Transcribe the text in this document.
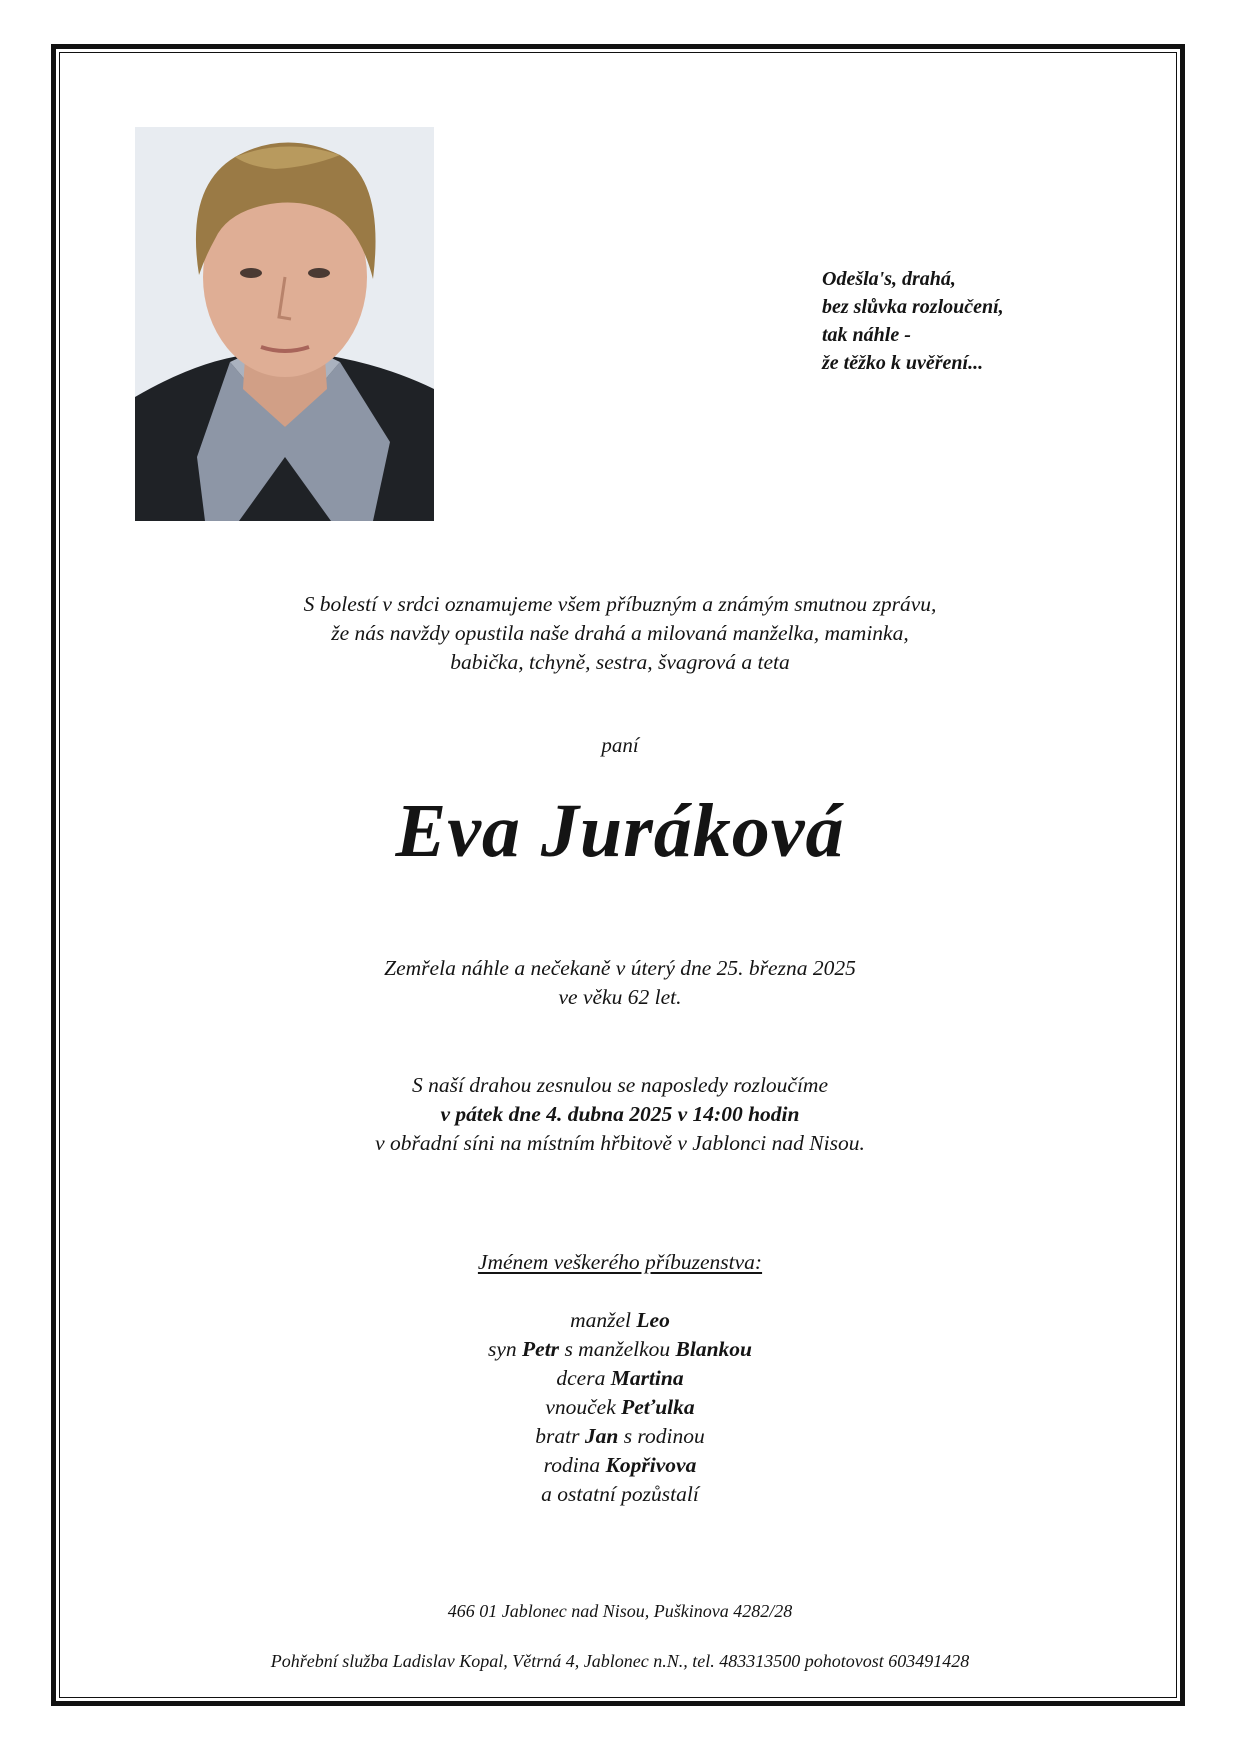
Odešla's, drahá,
bez slůvka rozloučení,
tak náhle -
že těžko k uvěření...
S bolestí v srdci oznamujeme všem příbuzným a známým smutnou zprávu,
že nás navždy opustila naše drahá a milovaná manželka, maminka,
babička, tchyně, sestra, švagrová a teta
paní
Eva Juráková
Zemřela náhle a nečekaně v úterý dne 25. března 2025
ve věku 62 let.
S naší drahou zesnulou se naposledy rozloučíme
v pátek dne 4. dubna 2025 v 14:00 hodin
v obřadní síni na místním hřbitově v Jablonci nad Nisou.
Jménem veškerého příbuzenstva:
manžel Leo
syn Petr s manželkou Blankou
dcera Martina
vnouček Peťulka
bratr Jan s rodinou
rodina Kopřivova
a ostatní pozůstalí
466 01 Jablonec nad Nisou, Puškinova 4282/28
Pohřební služba Ladislav Kopal, Větrná 4, Jablonec n.N., tel. 483313500 pohotovost 603491428
